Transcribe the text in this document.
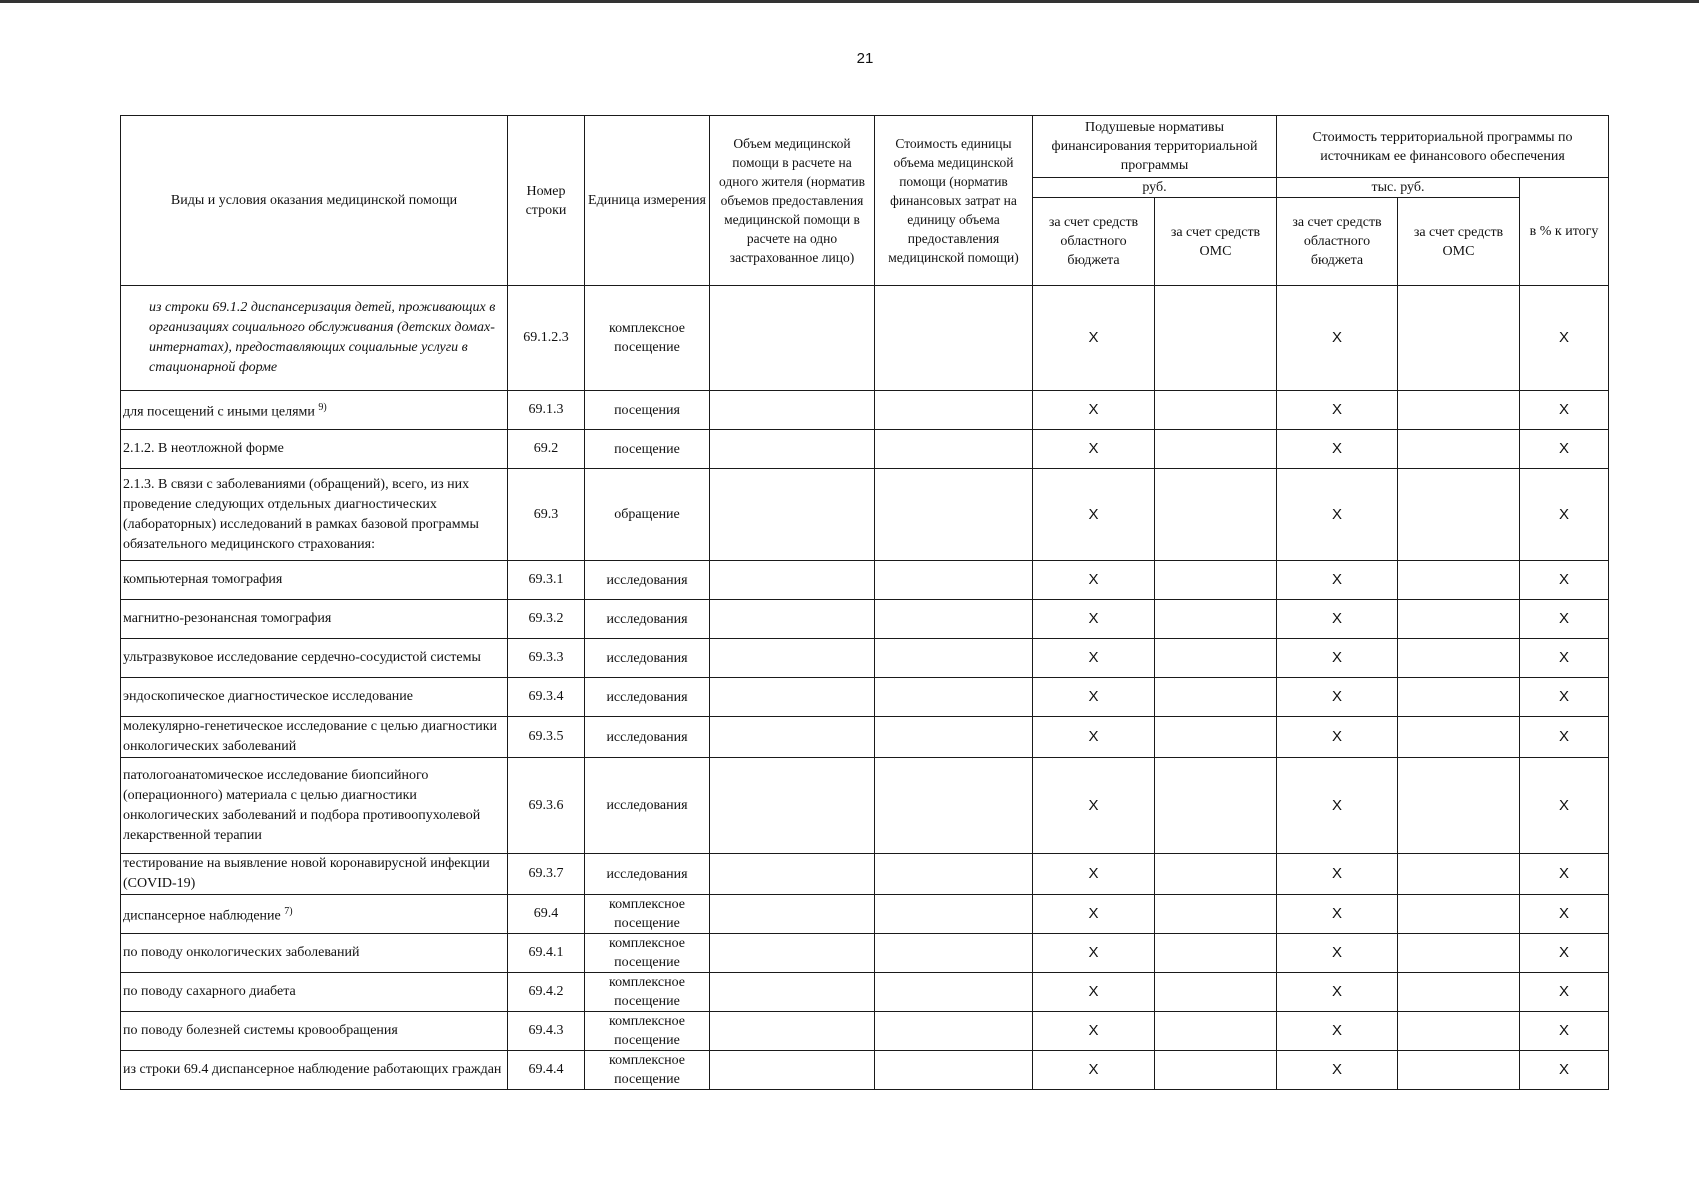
21
Виды и условия оказания медицинской помощи	Номер строки	Единица измерения	Объем медицинской помощи в расчете на одного жителя (норматив объемов предоставления медицинской помощи в расчете на одно застрахованное лицо)	Стоимость единицы объема медицинской помощи (норматив финансовых затрат на единицу объема предоставления медицинской помощи)	Подушевые нормативы финансирования территориальной программы		Стоимость территориальной программы по источникам ее финансового обеспечения		
					руб.		тыс. руб.		в % к итогу
					за счет средств областного бюджета	за счет средств ОМС	за счет средств областного бюджета	за счет средств ОМС	
из строки 69.1.2 диспансеризация детей, проживающих в организациях социального обслуживания (детских домах-интернатах), предоставляющих социальные услуги в стационарной форме	69.1.2.3	комплексное посещение			X		X		X
для посещений с иными целями $^{9)}$	69.1.3	посещения			X		X		X
2.1.2. В неотложной форме	69.2	посещение			X		X		X
2.1.3. В связи с заболеваниями (обращений), всего, из них проведение следующих отдельных диагностических (лабораторных) исследований в рамках базовой программы обязательного медицинского страхования:	69.3	обращение			X		X		X
компьютерная томография	69.3.1	исследования			X		X		X
магнитно-резонансная томография	69.3.2	исследования			X		X		X
ультразвуковое исследование сердечно-сосудистой системы	69.3.3	исследования			X		X		X
эндоскопическое диагностическое исследование	69.3.4	исследования			X		X		X
молекулярно-генетическое исследование с целью диагностики онкологических заболеваний	69.3.5	исследования			X		X		X
патологоанатомическое исследование биопсийного (операционного) материала с целью диагностики онкологических заболеваний и подбора противоопухолевой лекарственной терапии	69.3.6	исследования			X		X		X
тестирование на выявление новой коронавирусной инфекции (COVID-19)	69.3.7	исследования			X		X		X
диспансерное наблюдение $^{7)}$	69.4	комплексное посещение			X		X		X
по поводу онкологических заболеваний	69.4.1	комплексное посещение			X		X		X
по поводу сахарного диабета	69.4.2	комплексное посещение			X		X		X
по поводу болезней системы кровообращения	69.4.3	комплексное посещение			X		X		X
из строки 69.4 диспансерное наблюдение работающих граждан	69.4.4	комплексное посещение			X		X		X
